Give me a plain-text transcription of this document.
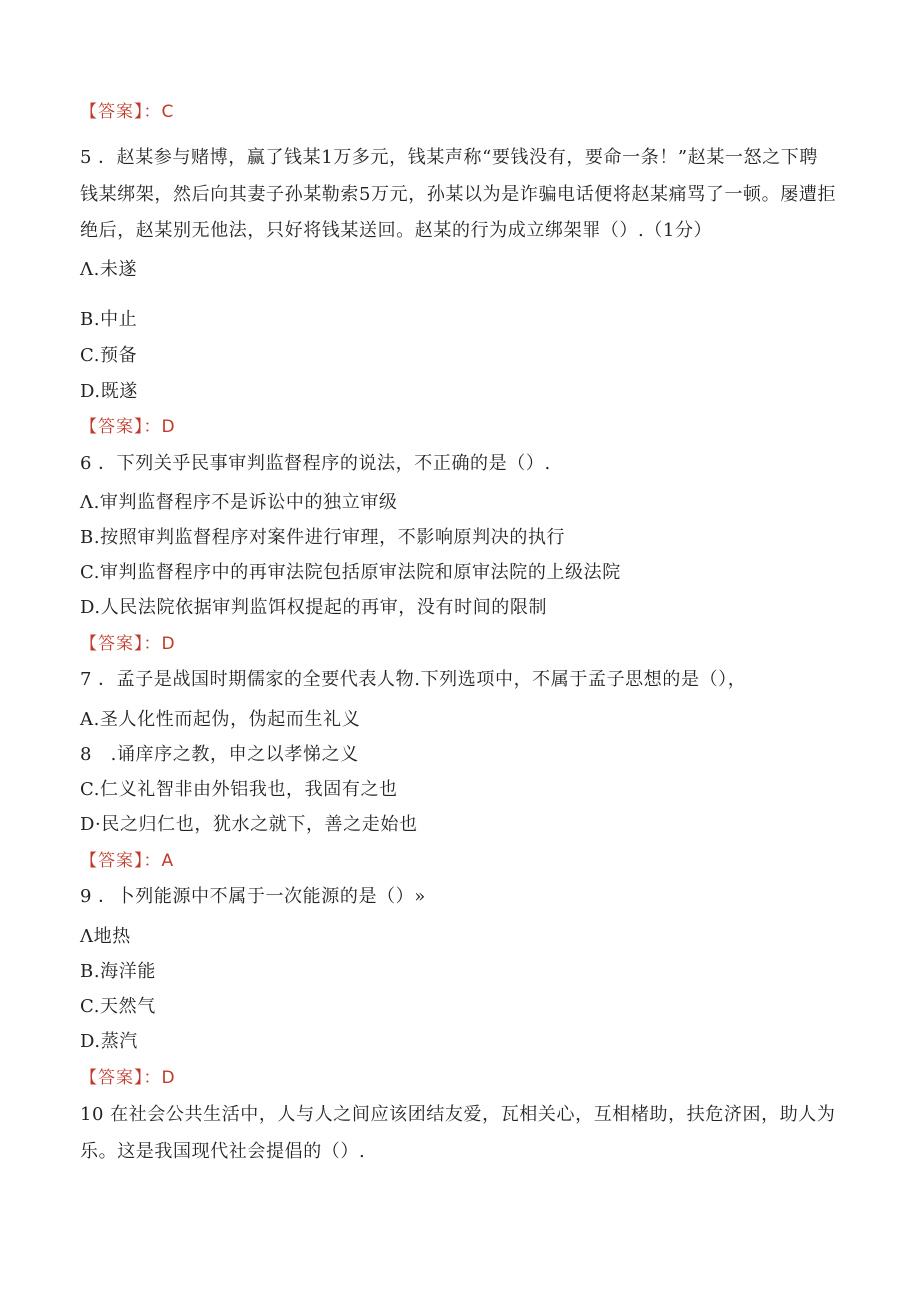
【答案】：C
5 ．赵某参与赌博，赢了钱某1万多元，钱某声称“要钱没有，要命一条！”赵某一怒之下聘
钱某绑架，然后向其妻子孙某勒索5万元，孙某以为是诈骗电话便将赵某痛骂了一顿。屡遭拒
绝后，赵某别无他法，只好将钱某送回。赵某的行为成立绑架罪（）.（1分）
Λ.未遂
B.中止
C.预备
D.既遂
【答案】：D
6 ．下列关乎民事审判监督程序的说法，不正确的是（）.
Λ.审判监督程序不是诉讼中的独立审级
B.按照审判监督程序对案件进行审理，不影响原判决的执行
C.审判监督程序中的再审法院包括原审法院和原审法院的上级法院
D.人民法院依据审判监饵权提起的再审，没有时间的限制
【答案】：D
7 ．孟子是战国时期儒家的全要代表人物.下列选项中，不属于孟子思想的是（），
A.圣人化性而起伪，伪起而生礼义
8　.诵庠序之教，申之以孝悌之义
C.仁义礼智非由外铝我也，我固有之也
D·民之归仁也，犹水之就下，善之走始也
【答案】：A
9 ．卜列能源中不属于一次能源的是（）»
Λ地热
B.海洋能
C.天然气
D.蒸汽
【答案】：D
10 在社会公共生活中，人与人之间应该团结友爱，瓦相关心，互相楮助，扶危济困，助人为
乐。这是我国现代社会提倡的（）.
